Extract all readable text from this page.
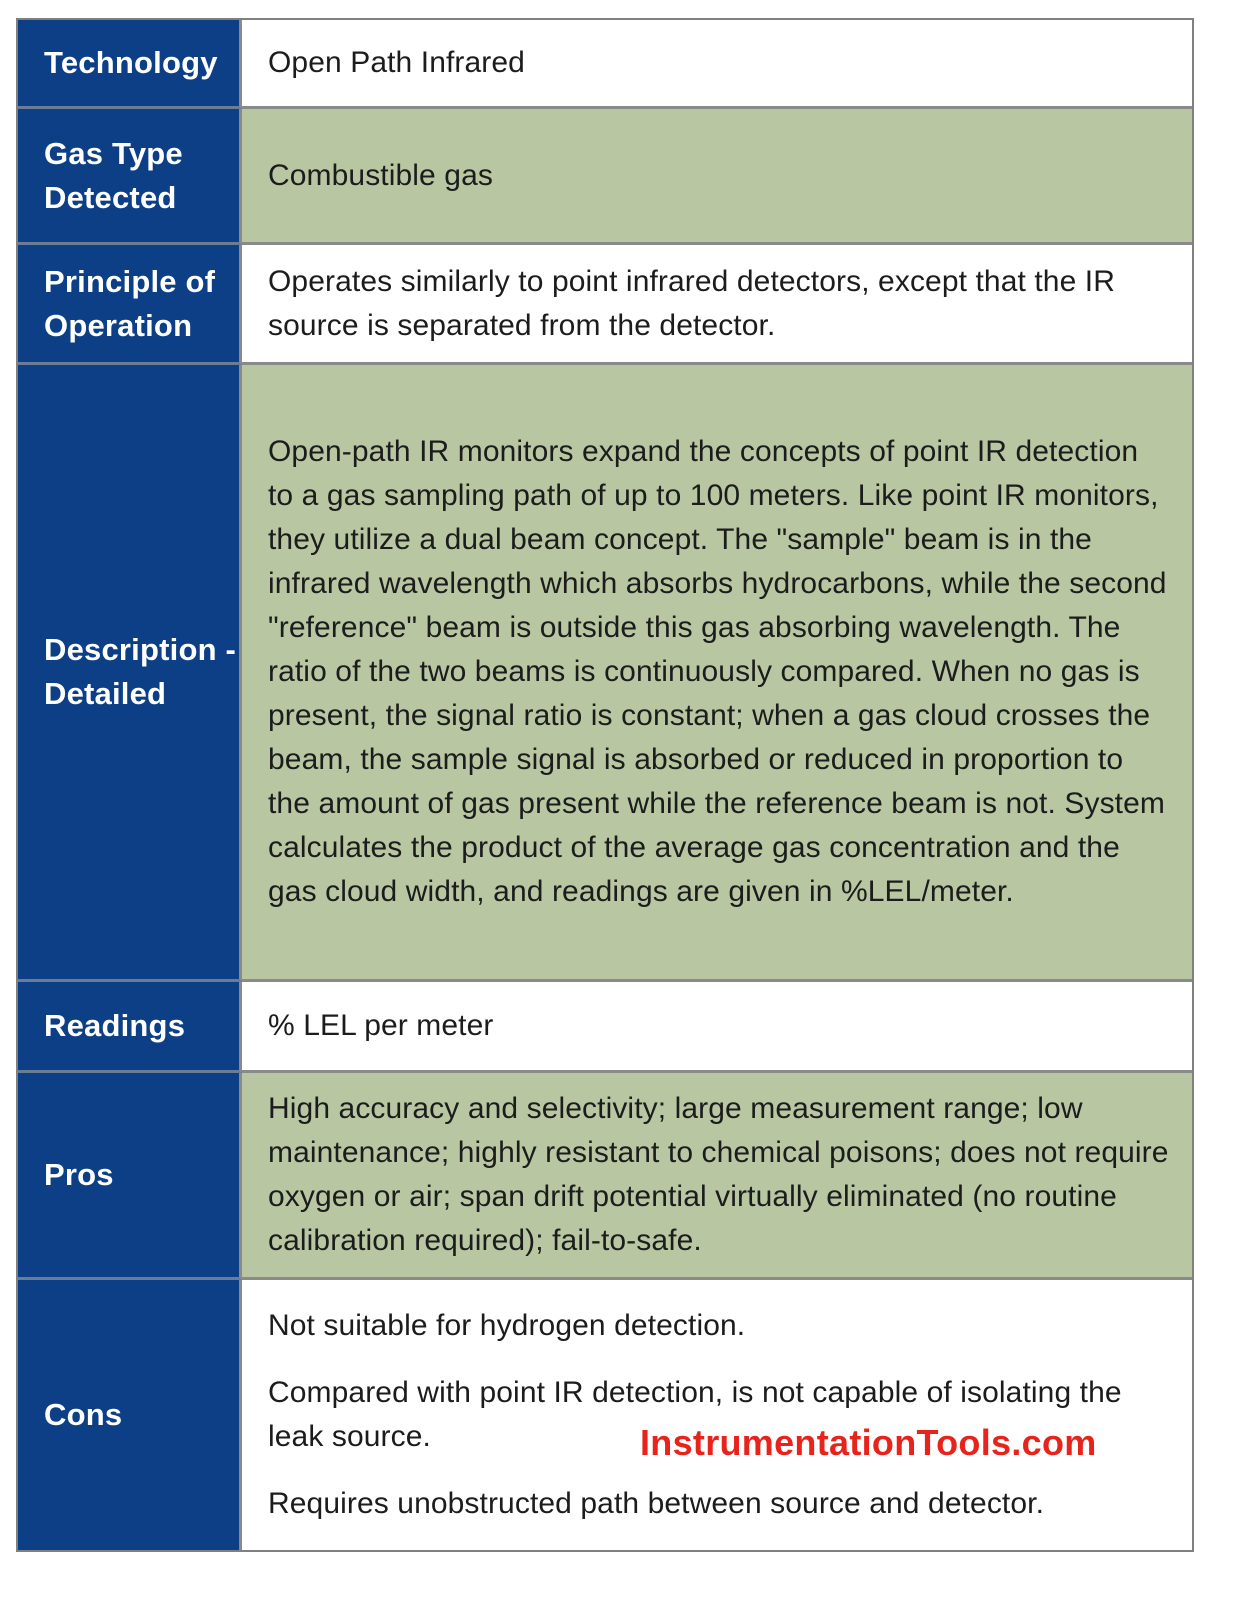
Technology	Open Path Infrared
Gas Type Detected	Combustible gas
Principle of Operation	Operates similarly to point infrared detectors, except that the IR source is separated from the detector.
Description - Detailed	Open-path IR monitors expand the concepts of point IR detection to a gas sampling path of up to 100 meters. Like point IR monitors, they utilize a dual beam concept. The "sample" beam is in the infrared wavelength which absorbs hydrocarbons, while the second "reference" beam is outside this gas absorbing wavelength. The ratio of the two beams is continuously compared. When no gas is present, the signal ratio is constant; when a gas cloud crosses the beam, the sample signal is absorbed or reduced in proportion to the amount of gas present while the reference beam is not. System calculates the product of the average gas concentration and the gas cloud width, and readings are given in %LEL/meter.
Readings	% LEL per meter
Pros	High accuracy and selectivity; large measurement range; low maintenance; highly resistant to chemical poisons; does not require oxygen or air; span drift potential virtually eliminated (no routine calibration required); fail-to-safe.
Cons	Not suitable for hydrogen detection.

Compared with point IR detection, is not capable of isolating the leak source.

Requires unobstructed path between source and detector.

InstrumentationTools.com
